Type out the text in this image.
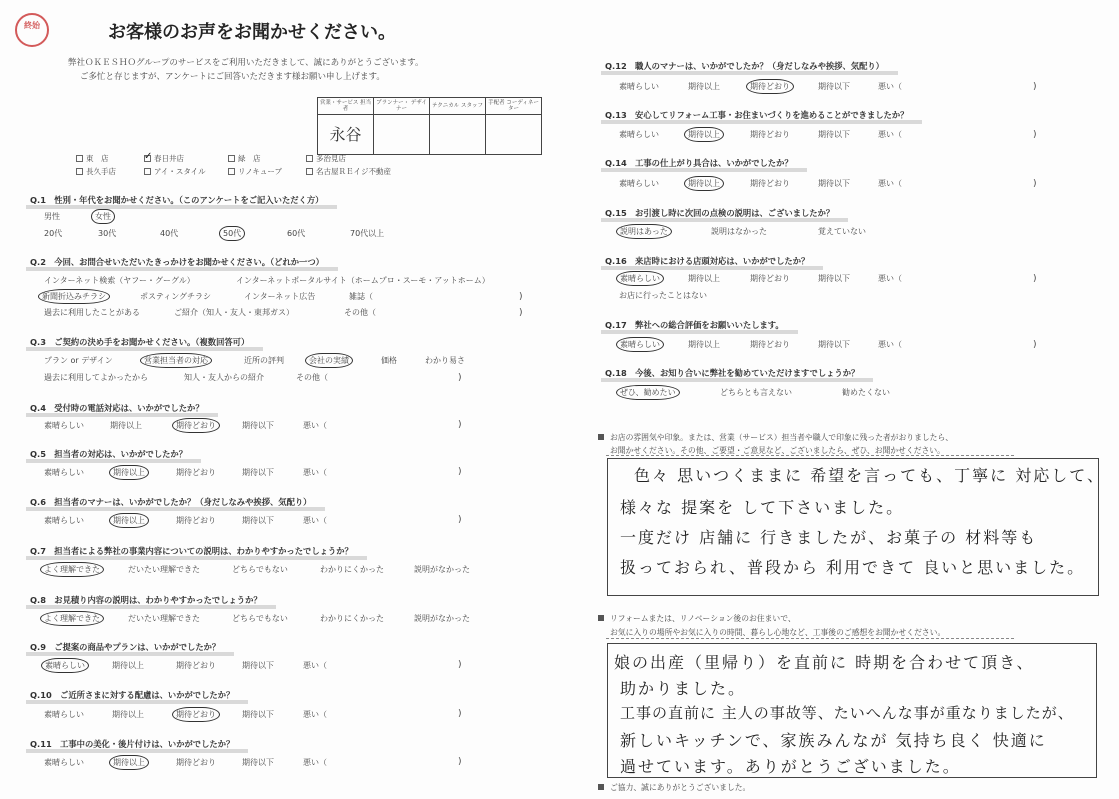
終始	お客様のお声をお聞かせください。
弊社ＯＫＥＳＨＯグループのサービスをご利用いただきまして、誠にありがとうございます。
ご多忙と存じますが、アンケートにご回答いただきます様お願い申し上げます。
営業・サービス 担当者	プランナー・ デザイナー	テクニカル スタッフ	手配者 コーディネーター
永谷			
東　店 ✓	春日井店	緑　店	多治見店
長久手店	アイ・スタイル	リノキューブ	名古屋ＲＥイジ不動産
Q.1　性別・年代をお聞かせください。（このアンケートをご記入いただく方）
男性	女性
20代	30代	40代	50代	60代	70代以上
Q.2　今回、お問合せいただいたきっかけをお聞かせください。（どれか一つ）
インターネット検索（ヤフー・グーグル）	インターネットポータルサイト（ホームプロ・スーモ・アットホーム）
新聞折込みチラシ	ポスティングチラシ	インターネット広告	雑誌（	)
過去に利用したことがある	ご紹介（知人・友人・東邦ガス）	その他（	)
Q.3　ご契約の決め手をお聞かせください。（複数回答可）
プラン or デザイン	営業担当者の対応	近所の評判	会社の実績	価格	わかり易さ
過去に利用してよかったから	知人・友人からの紹介	その他（	)
Q.4　受付時の電話対応は、いかがでしたか？
素晴らしい	期待以上	期待どおり	期待以下	悪い（	)
Q.5　担当者の対応は、いかがでしたか？
素晴らしい	期待以上	期待どおり	期待以下	悪い（	)
Q.6　担当者のマナーは、いかがでしたか？（身だしなみや挨拶、気配り）
素晴らしい	期待以上	期待どおり	期待以下	悪い（	)
Q.7　担当者による弊社の事業内容についての説明は、わかりやすかったでしょうか？
よく理解できた	だいたい理解できた	どちらでもない	わかりにくかった	説明がなかった
Q.8　お見積り内容の説明は、わかりやすかったでしょうか？
よく理解できた	だいたい理解できた	どちらでもない	わかりにくかった	説明がなかった
Q.9　ご提案の商品やプランは、いかがでしたか？
素晴らしい	期待以上	期待どおり	期待以下	悪い（	)
Q.10　ご近所さまに対する配慮は、いかがでしたか？
素晴らしい	期待以上	期待どおり	期待以下	悪い（	)
Q.11　工事中の美化・後片付けは、いかがでしたか？
素晴らしい	期待以上	期待どおり	期待以下	悪い（	)
Q.12　職人のマナーは、いかがでしたか？（身だしなみや挨拶、気配り）
素晴らしい	期待以上	期待どおり	期待以下	悪い（	)
Q.13　安心してリフォーム工事・お住まいづくりを進めることができましたか？
素晴らしい	期待以上	期待どおり	期待以下	悪い（	)
Q.14　工事の仕上がり具合は、いかがでしたか？
素晴らしい	期待以上	期待どおり	期待以下	悪い（	)
Q.15　お引渡し時に次回の点検の説明は、ございましたか？
説明はあった	説明はなかった	覚えていない
Q.16　来店時における店頭対応は、いかがでしたか？
素晴らしい	期待以上	期待どおり	期待以下	悪い（	)
お店に行ったことはない
Q.17　弊社への総合評価をお願いいたします。
素晴らしい	期待以上	期待どおり	期待以下	悪い（	)
Q.18　今後、お知り合いに弊社を勧めていただけますでしょうか？
ぜひ、勧めたい	どちらとも言えない	勧めたくない
お店の雰囲気や印象。または、営業（サービス）担当者や職人で印象に残った者がおりましたら、
お聞かせください。その他、ご要望・ご意見など、ございましたら、ぜひ、お聞かせください。
色々 思いつくままに 希望を言っても、丁寧に 対応して、
様々な 提案を して下さいました。
一度だけ 店舗に 行きましたが、お菓子の 材料等も
扱っておられ、普段から 利用できて 良いと思いました。
リフォームまたは、リノベーション後のお住まいで、
お気に入りの場所やお気に入りの時間、暮らし心地など、工事後のご感想をお聞かせください。
娘の出産（里帰り）を直前に 時期を合わせて頂き、
助かりました。
工事の直前に 主人の事故等、たいへんな事が重なりましたが、
新しいキッチンで、家族みんなが 気持ち良く 快適に
過せています。ありがとうございました。
ご協力、誠にありがとうございました。
